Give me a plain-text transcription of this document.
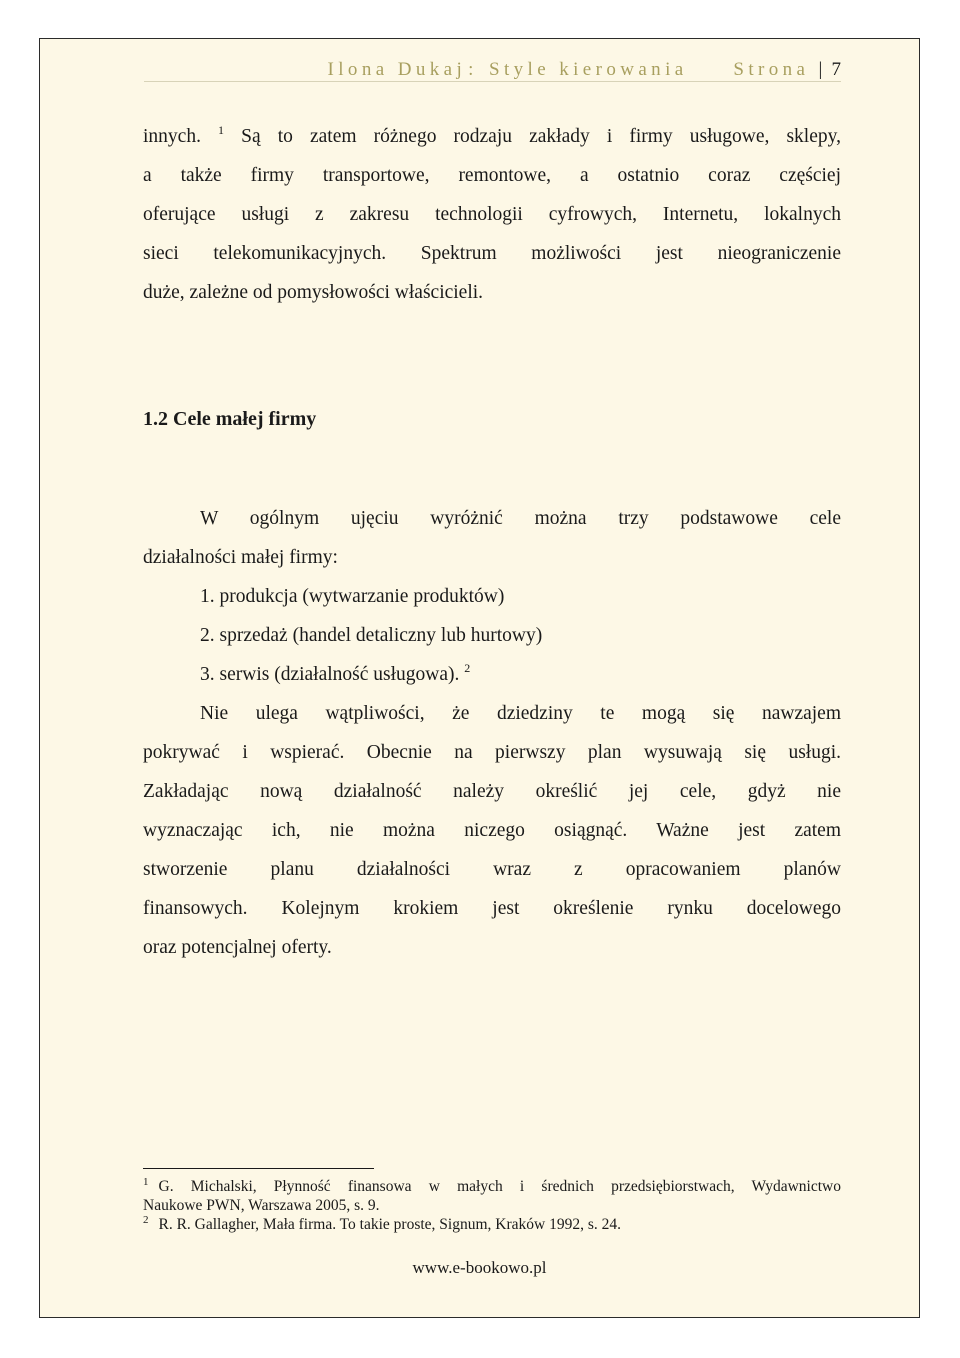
Ilona Dukaj : Style kierowania Strona | 7
innych. $^1$ Są to zatem różnego rodzaju zakłady i firmy usługowe, sklepy,
a także firmy transportowe, remontowe, a ostatnio coraz częściej
oferujące usługi z zakresu technologii cyfrowych, Internetu, lokalnych
sieci telekomunikacyjnych. Spektrum możliwości jest nieograniczenie
duże, zależne od pomysłowości właścicieli.
1.2 Cele małej firmy
W ogólnym ujęciu wyróżnić można trzy podstawowe cele
działalności małej firmy:
1. produkcja (wytwarzanie produktów)
2. sprzedaż (handel detaliczny lub hurtowy)
3. serwis (działalność usługowa). $^2$
Nie ulega wątpliwości, że dziedziny te mogą się nawzajem
pokrywać i wspierać. Obecnie na pierwszy plan wysuwają się usługi.
Zakładając nową działalność należy określić jej cele, gdyż nie
wyznaczając ich, nie można niczego osiągnąć. Ważne jest zatem
stworzenie planu działalności wraz z opracowaniem planów
finansowych. Kolejnym krokiem jest określenie rynku docelowego
oraz potencjalnej oferty.
$^1$ G. Michalski, Płynność finansowa w małych i średnich przedsiębiorstwach, Wydawnictwo
Naukowe PWN, Warszawa 2005, s. 9.
$^2$ R. R. Gallagher, Mała firma. To takie proste, Signum, Kraków 1992, s. 24.
www.e-bookowo.pl
